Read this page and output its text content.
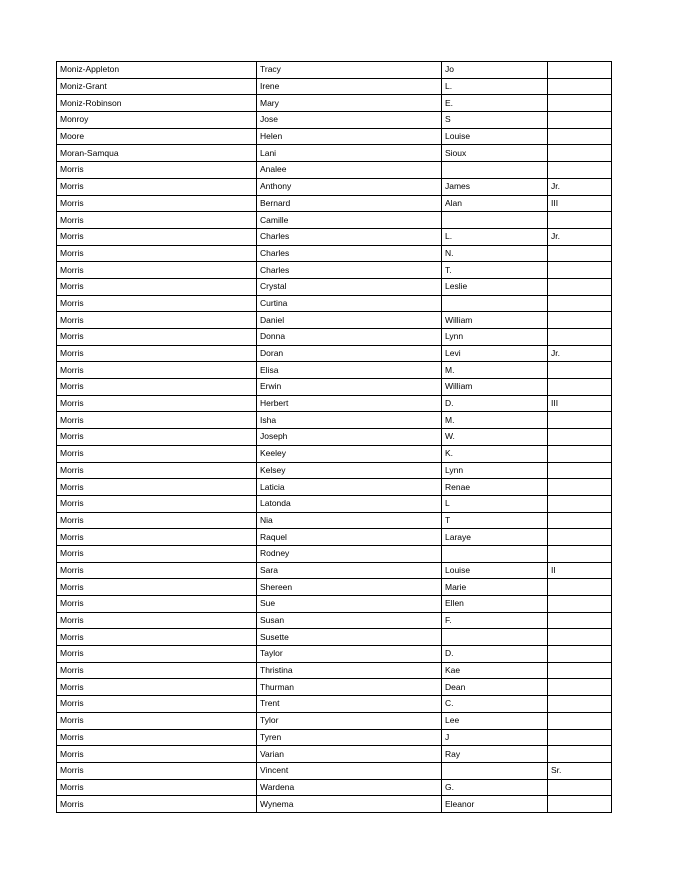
Moniz-Appleton	Tracy	Jo	
Moniz-Grant	Irene	L.	
Moniz-Robinson	Mary	E.	
Monroy	Jose	S	
Moore	Helen	Louise	
Moran-Samqua	Lani	Sioux	
Morris	Analee		
Morris	Anthony	James	Jr.
Morris	Bernard	Alan	III
Morris	Camille		
Morris	Charles	L.	Jr.
Morris	Charles	N.	
Morris	Charles	T.	
Morris	Crystal	Leslie	
Morris	Curtina		
Morris	Daniel	William	
Morris	Donna	Lynn	
Morris	Doran	Levi	Jr.
Morris	Elisa	M.	
Morris	Erwin	William	
Morris	Herbert	D.	III
Morris	Isha	M.	
Morris	Joseph	W.	
Morris	Keeley	K.	
Morris	Kelsey	Lynn	
Morris	Laticia	Renae	
Morris	Latonda	L	
Morris	Nia	T	
Morris	Raquel	Laraye	
Morris	Rodney		
Morris	Sara	Louise	II
Morris	Shereen	Marie	
Morris	Sue	Ellen	
Morris	Susan	F.	
Morris	Susette		
Morris	Taylor	D.	
Morris	Thristina	Kae	
Morris	Thurman	Dean	
Morris	Trent	C.	
Morris	Tylor	Lee	
Morris	Tyren	J	
Morris	Varian	Ray	
Morris	Vincent		Sr.
Morris	Wardena	G.	
Morris	Wynema	Eleanor	
